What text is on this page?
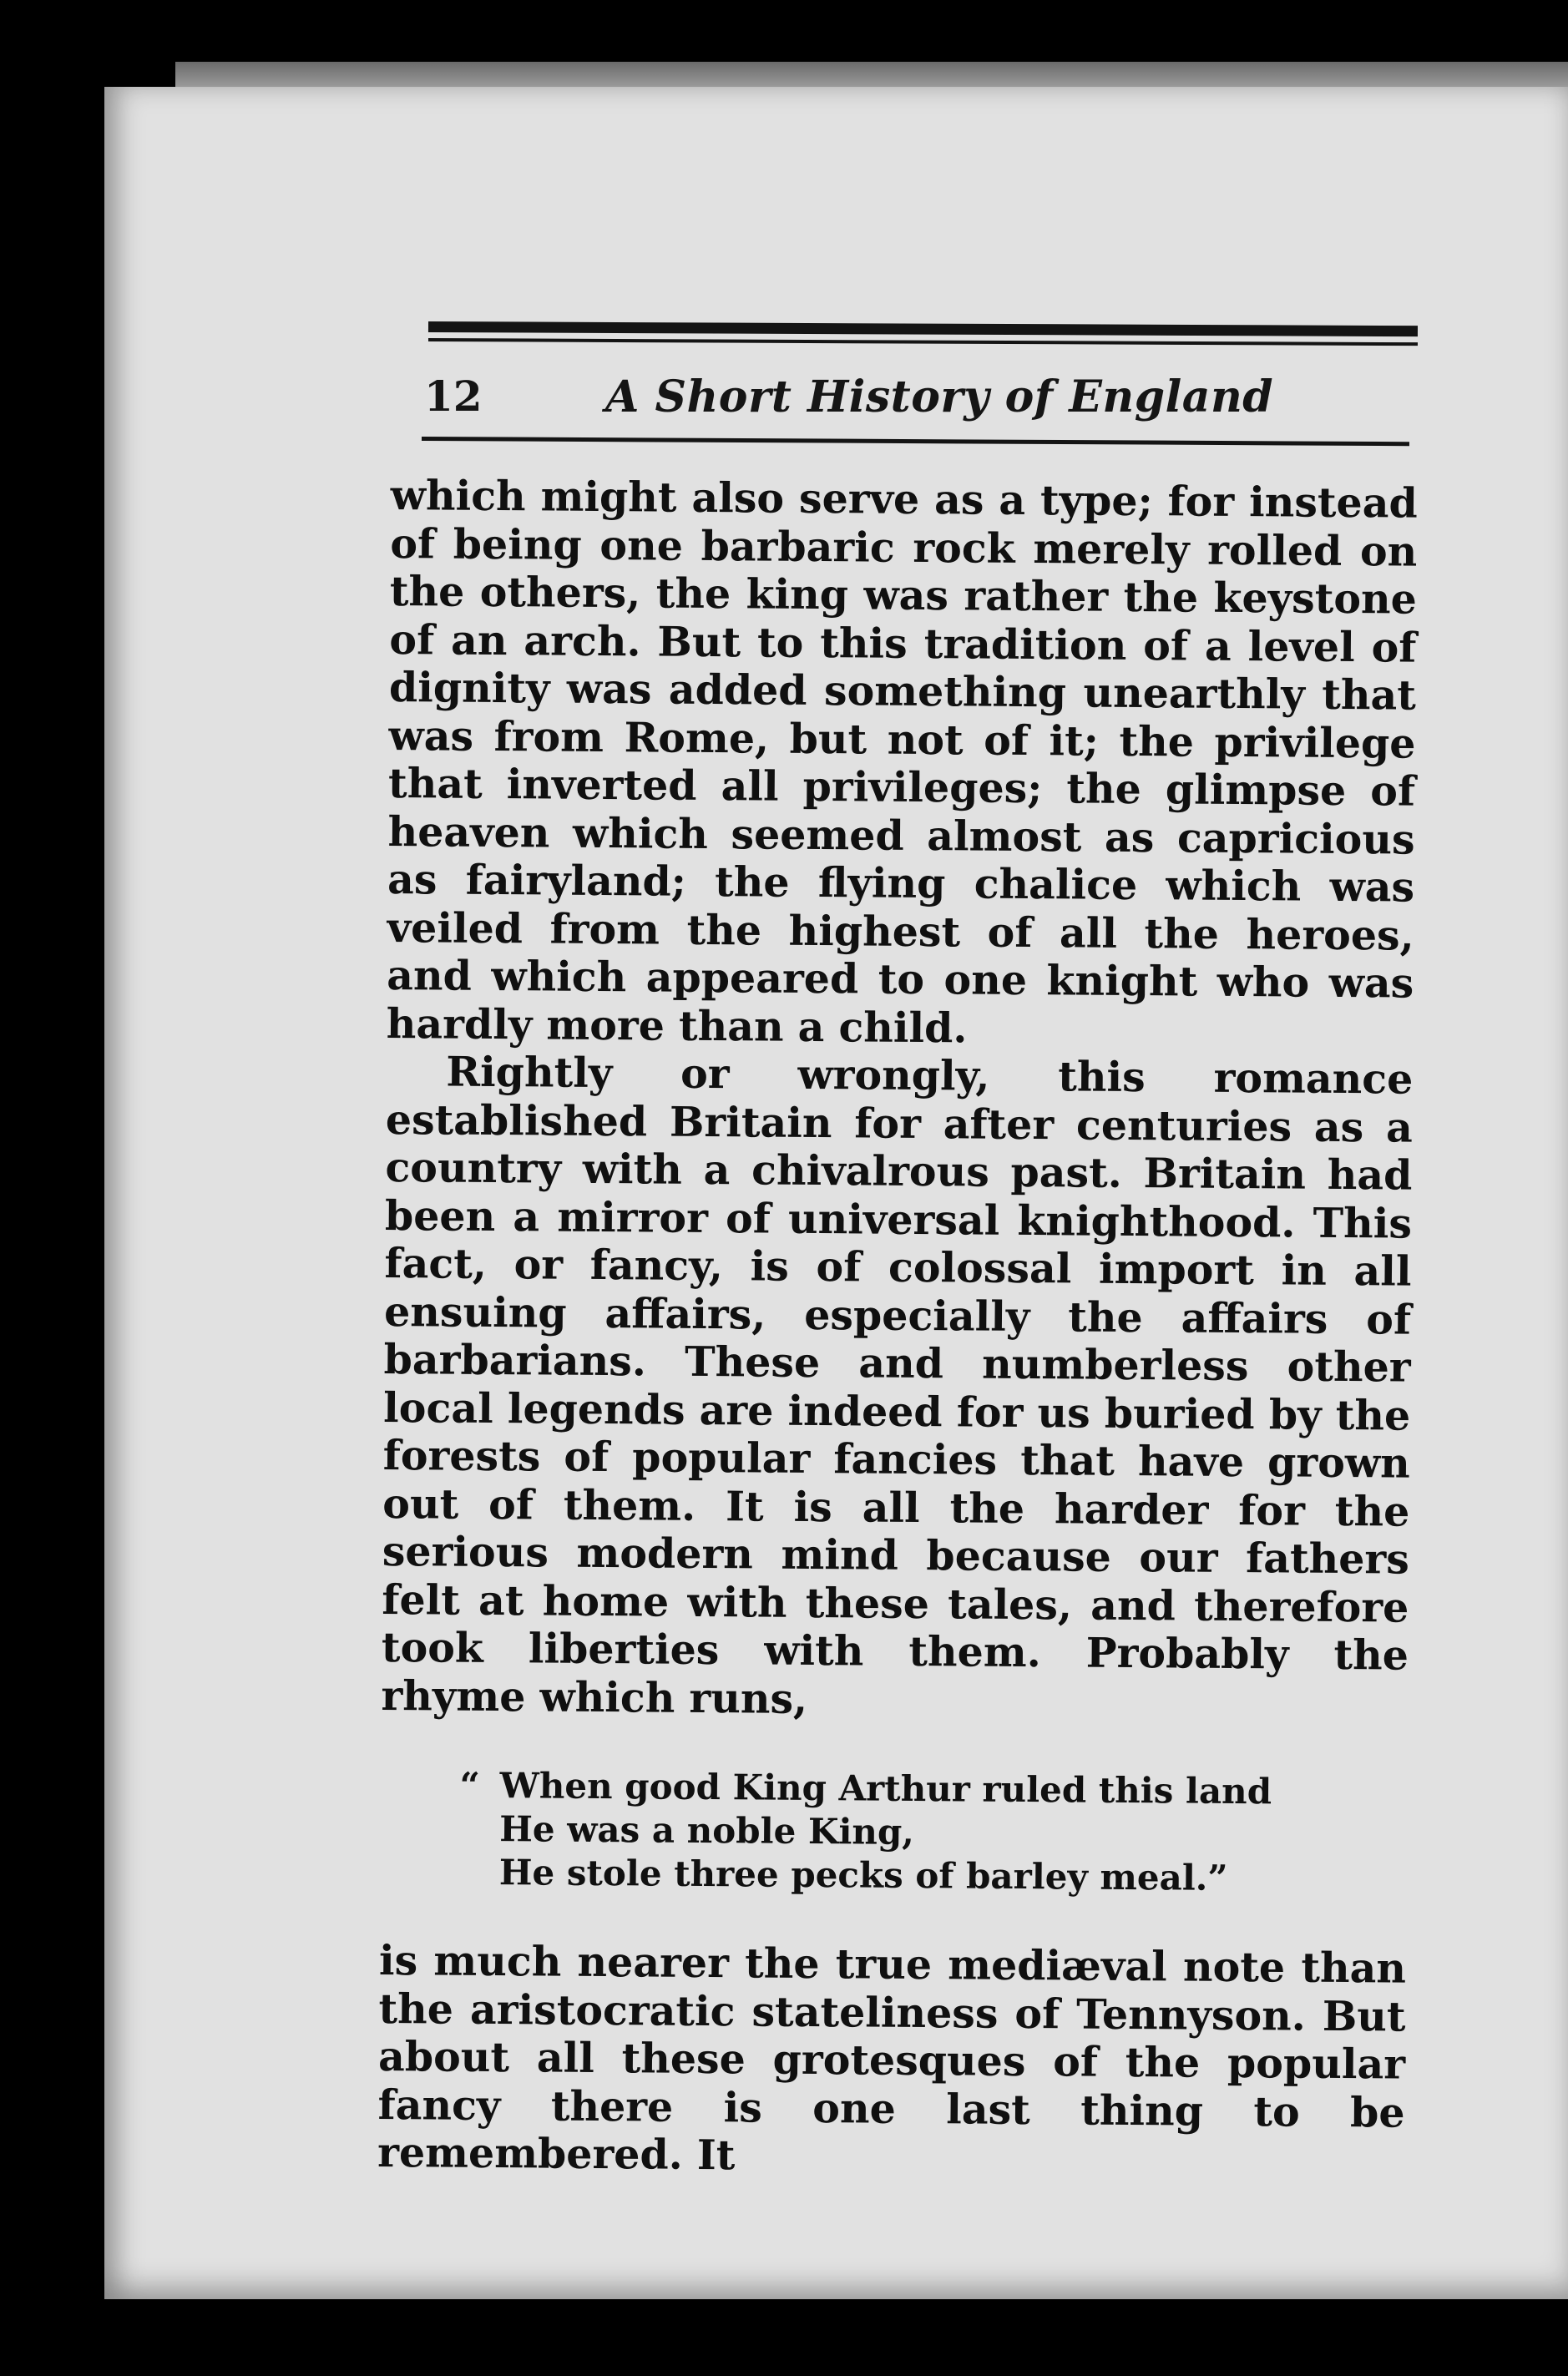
12	A Short History of England

which might also serve as a type; for instead of being one barbaric rock merely rolled on the others, the king was rather the keystone of an arch. But to this tradition of a level of dignity was added something unearthly that was from Rome, but not of it; the privilege that inverted all privileges; the glimpse of heaven which seemed almost as capricious as fairyland; the flying chalice which was veiled from the highest of all the heroes, and which appeared to one knight who was hardly more than a child.

Rightly or wrongly, this romance established Britain for after centuries as a country with a chivalrous past. Britain had been a mirror of universal knighthood. This fact, or fancy, is of colossal import in all ensuing affairs, especially the affairs of barbarians. These and numberless other local legends are indeed for us buried by the forests of popular fancies that have grown out of them. It is all the harder for the serious modern mind because our fathers felt at home with these tales, and therefore took liberties with them. Probably the rhyme which runs,

“ When good King Arthur ruled this land
He was a noble King,
He stole three pecks of barley meal.”

is much nearer the true mediæval note than the aristocratic stateliness of Tennyson. But about all these grotesques of the popular fancy there is one last thing to be remembered. It
